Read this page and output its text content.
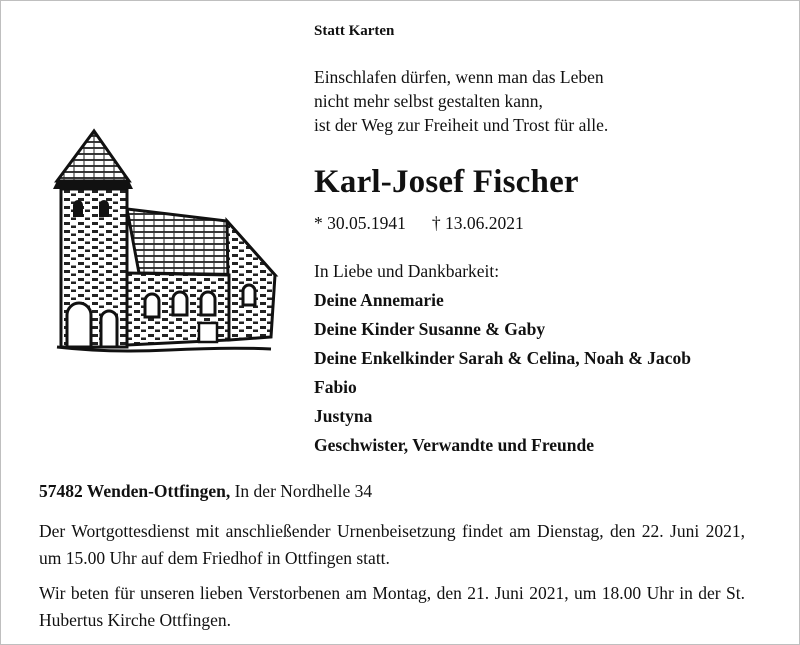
Statt Karten
Einschlafen dürfen, wenn man das Leben
nicht mehr selbst gestalten kann,
ist der Weg zur Freiheit und Trost für alle.
Karl-Josef Fischer
* 30.05.1941 † 13.06.2021
In Liebe und Dankbarkeit:
Deine Annemarie
Deine Kinder Susanne & Gaby
Deine Enkelkinder Sarah & Celina, Noah & Jacob
Fabio
Justyna
Geschwister, Verwandte und Freunde
57482 Wenden-Ottfingen, In der Nordhelle 34
Der Wortgottesdienst mit anschließender Urnenbeisetzung findet am Dienstag, den 22. Juni 2021, um 15.00 Uhr auf dem Friedhof in Ottfingen statt.
Wir beten für unseren lieben Verstorbenen am Montag, den 21. Juni 2021, um 18.00 Uhr in der St. Hubertus Kirche Ottfingen.
